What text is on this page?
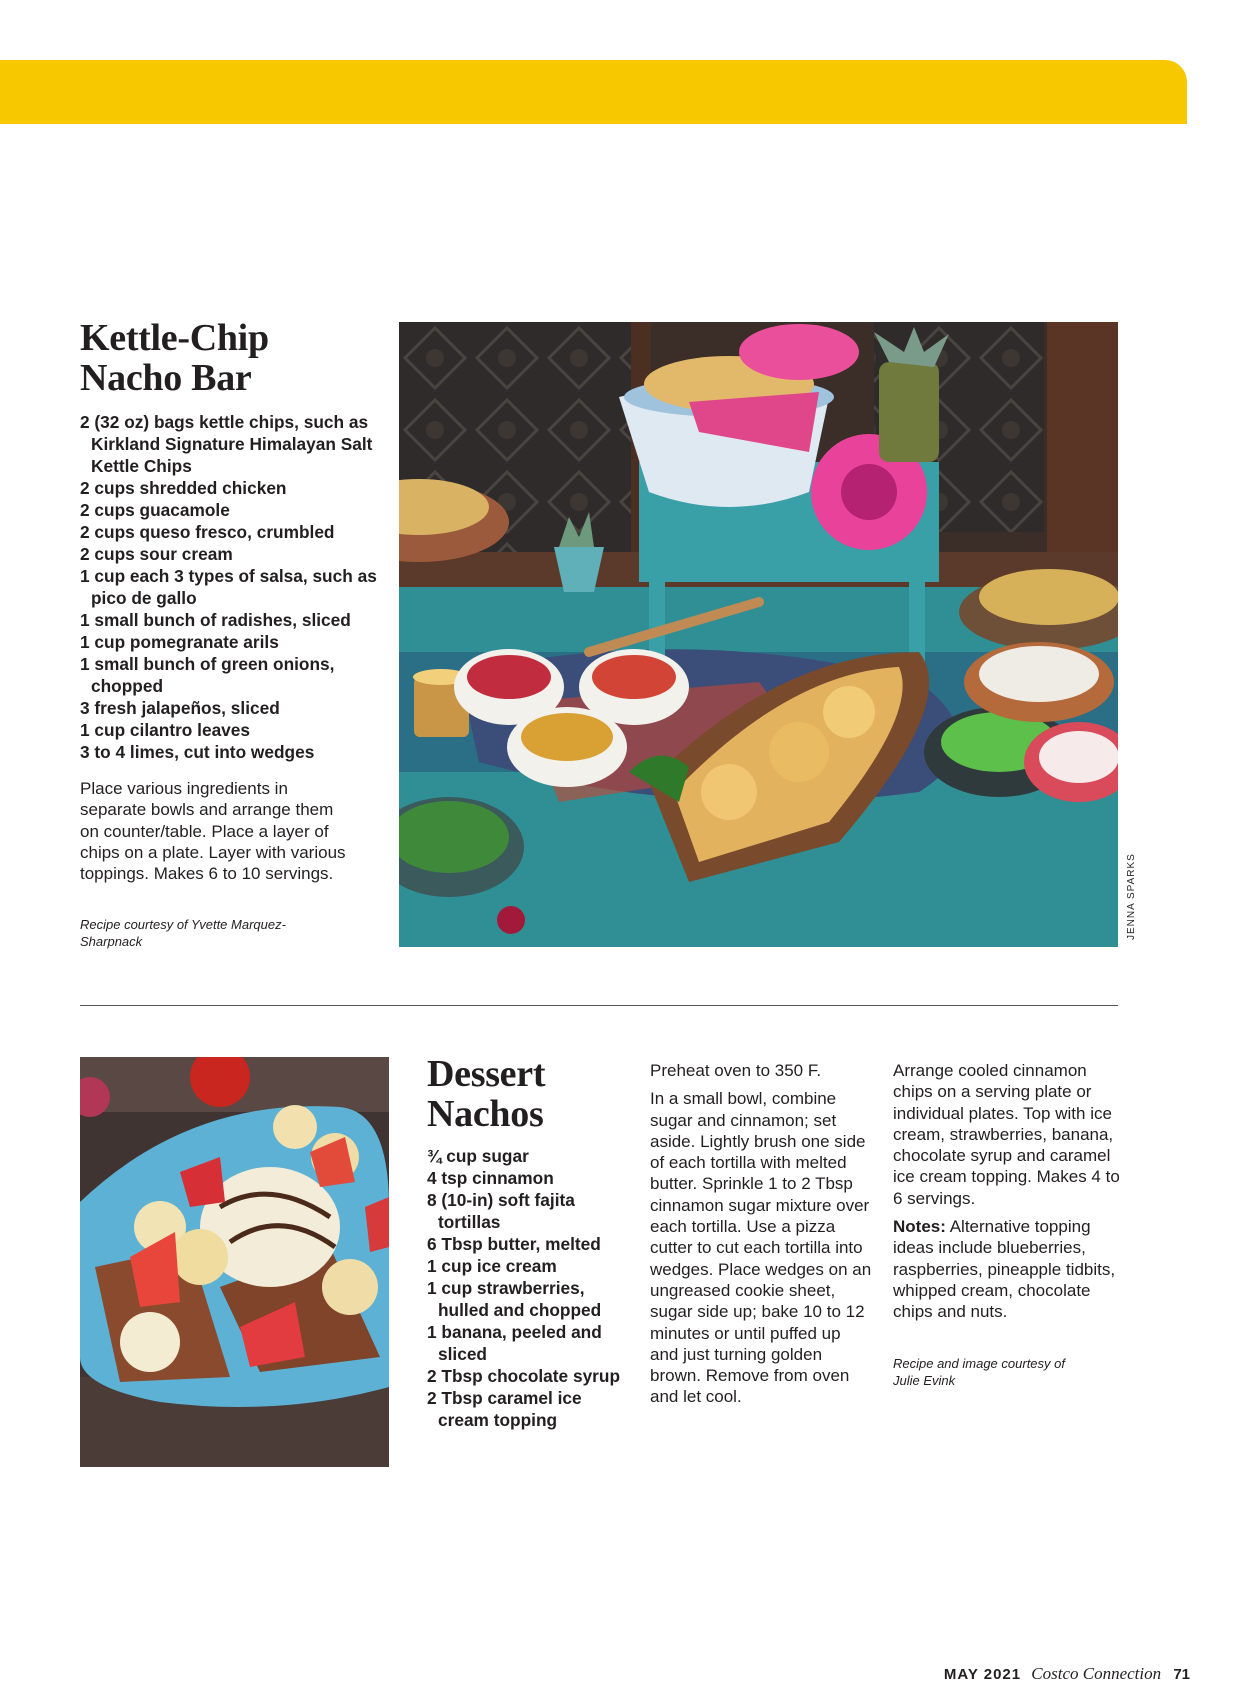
Kettle-Chip
Nacho Bar
2 (32 oz) bags kettle chips, such as Kirkland Signature Himalayan Salt Kettle Chips
2 cups shredded chicken
2 cups guacamole
2 cups queso fresco, crumbled
2 cups sour cream
1 cup each 3 types of salsa, such as pico de gallo
1 small bunch of radishes, sliced
1 cup pomegranate arils
1 small bunch of green onions, chopped
3 fresh jalapeños, sliced
1 cup cilantro leaves
3 to 4 limes, cut into wedges
Place various ingredients in separate bowls and arrange them on counter/table. Place a layer of chips on a plate. Layer with various toppings. Makes 6 to 10 servings.
Recipe courtesy of Yvette Marquez-Sharpnack
JENNA SPARKS
Dessert
Nachos
¾ cup sugar
4 tsp cinnamon
8 (10-in) soft fajita tortillas
6 Tbsp butter, melted
1 cup ice cream
1 cup strawberries, hulled and chopped
1 banana, peeled and sliced
2 Tbsp chocolate syrup
2 Tbsp caramel ice cream topping

Preheat oven to 350 F.

In a small bowl, combine sugar and cinnamon; set aside. Lightly brush one side of each tortilla with melted butter. Sprinkle 1 to 2 Tbsp cinnamon sugar mixture over each tortilla. Use a pizza cutter to cut each tortilla into wedges. Place wedges on an ungreased cookie sheet, sugar side up; bake 10 to 12 minutes or until puffed up and just turning golden brown. Remove from oven and let cool.

Arrange cooled cinnamon chips on a serving plate or individual plates. Top with ice cream, strawberries, banana, chocolate syrup and caramel ice cream topping. Makes 4 to 6 servings.

Notes: Alternative topping ideas include blueberries, raspberries, pineapple tidbits, whipped cream, chocolate chips and nuts.

Recipe and image courtesy of Julie Evink
MAY 2021 Costco Connection 71
